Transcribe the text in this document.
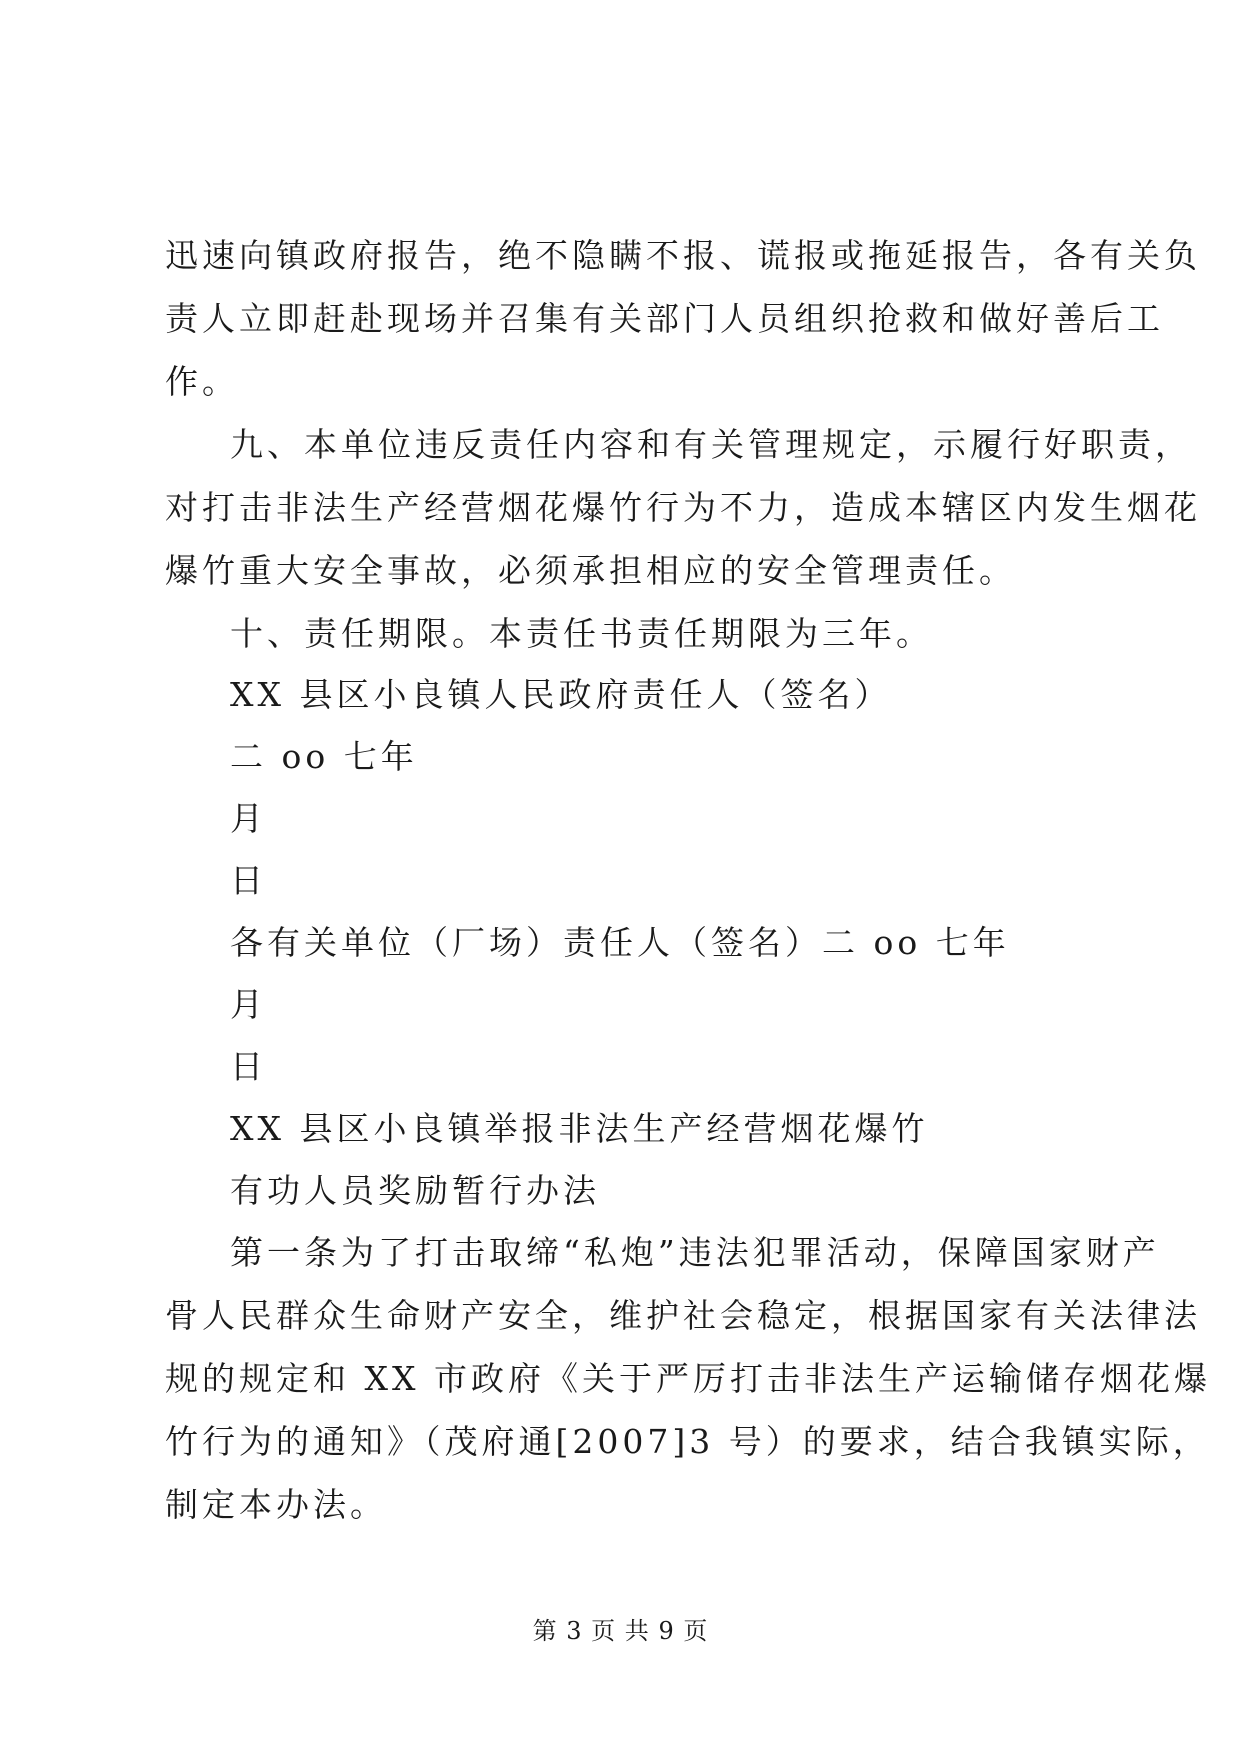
迅速向镇政府报告，绝不隐瞒不报、谎报或拖延报告，各有关负

责人立即赶赴现场并召集有关部门人员组织抢救和做好善后工

作。

九、本单位违反责任内容和有关管理规定，示履行好职责，

对打击非法生产经营烟花爆竹行为不力，造成本辖区内发生烟花

爆竹重大安全事故，必须承担相应的安全管理责任。

十、责任期限。本责任书责任期限为三年。

XX 县区小良镇人民政府责任人（签名）

二 oo 七年

月

日

各有关单位（厂场）责任人（签名）二 oo 七年

月

日

XX 县区小良镇举报非法生产经营烟花爆竹

有功人员奖励暂行办法

第一条为了打击取缔“私炮”违法犯罪活动，保障国家财产

骨人民群众生命财产安全，维护社会稳定，根据国家有关法律法

规的规定和 XX 市政府《关于严厉打击非法生产运输储存烟花爆

竹行为的通知》（茂府通[2007]3 号）的要求，结合我镇实际，

制定本办法。

第 3 页 共 9 页
